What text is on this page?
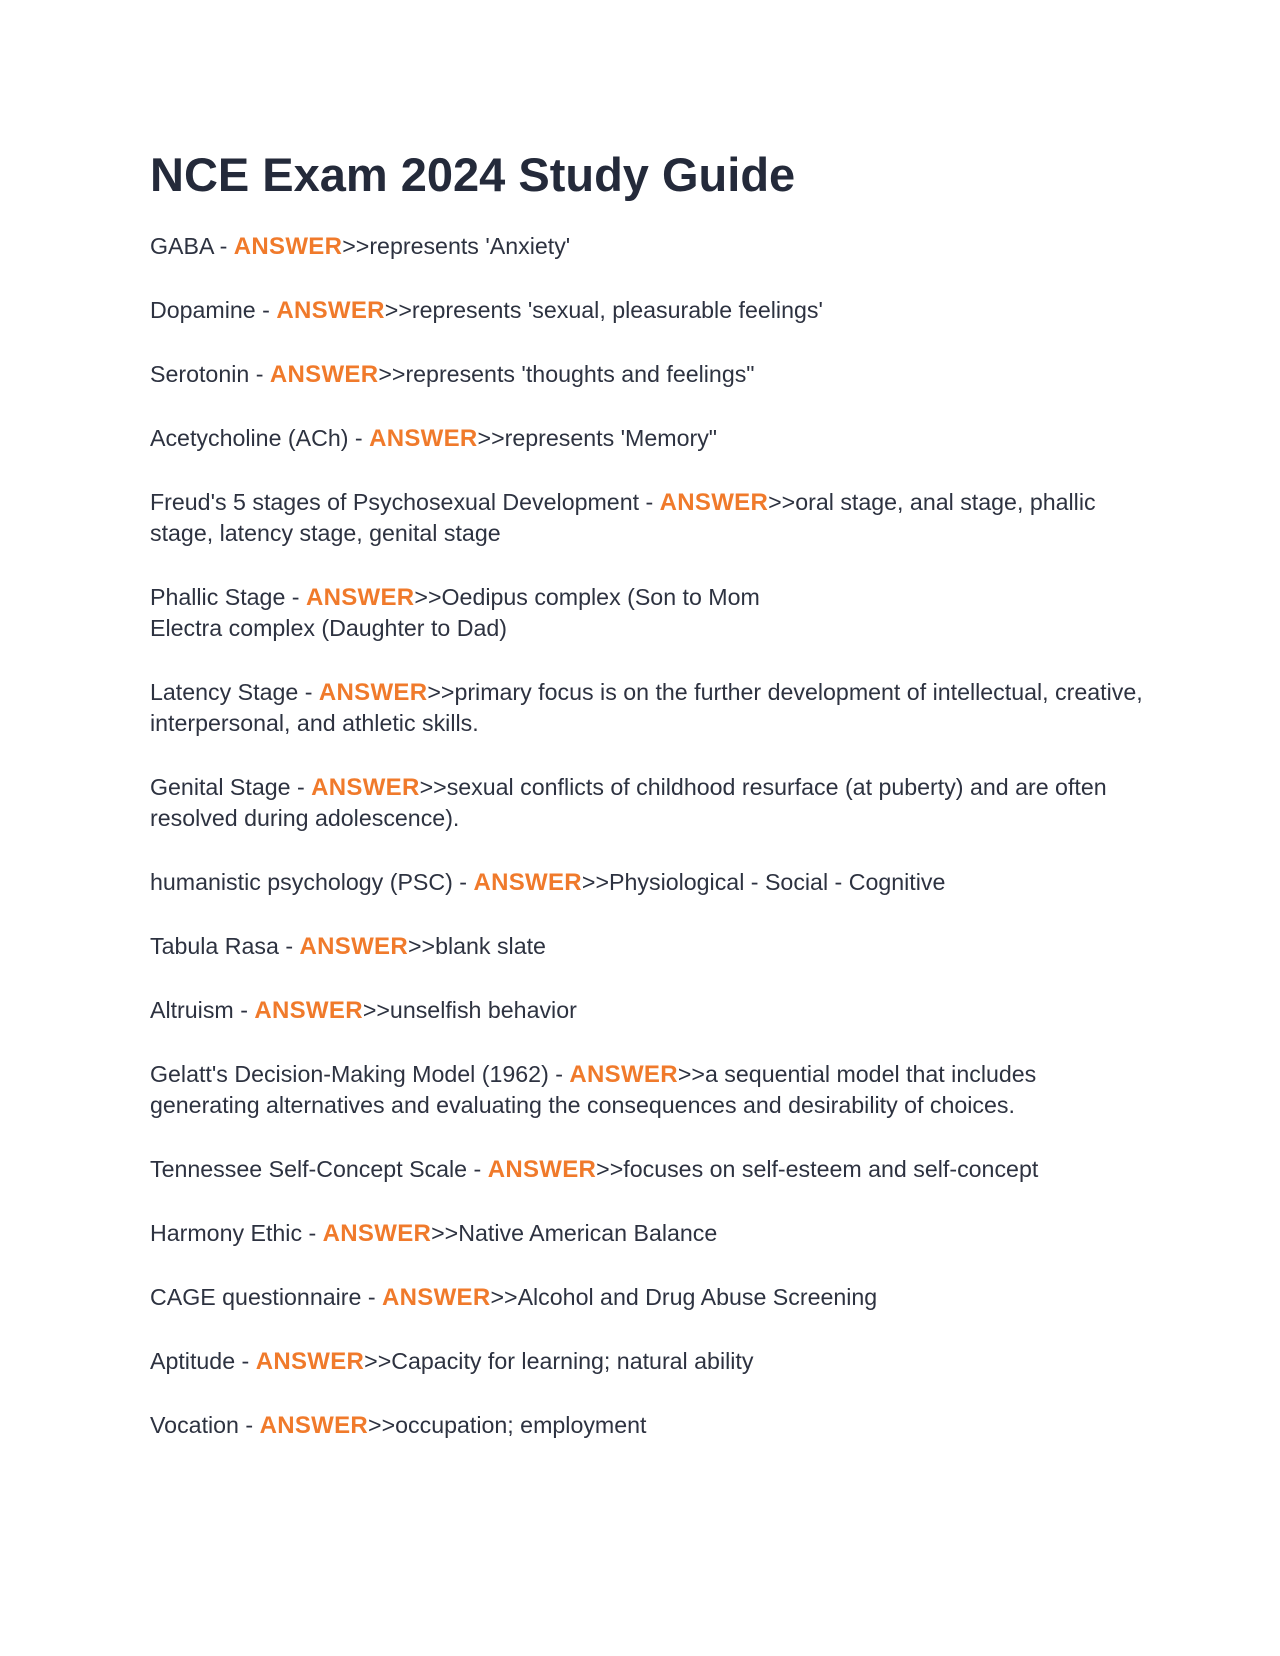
NCE Exam 2024 Study Guide

GABA - ANSWER>>represents 'Anxiety'

Dopamine - ANSWER>>represents 'sexual, pleasurable feelings'

Serotonin - ANSWER>>represents 'thoughts and feelings"

Acetycholine (ACh) - ANSWER>>represents 'Memory"

Freud's 5 stages of Psychosexual Development - ANSWER>>oral stage, anal stage, phallic stage, latency stage, genital stage

Phallic Stage - ANSWER>>Oedipus complex (Son to Mom

Electra complex (Daughter to Dad)

Latency Stage - ANSWER>>primary focus is on the further development of intellectual, creative, interpersonal, and athletic skills.

Genital Stage - ANSWER>>sexual conflicts of childhood resurface (at puberty) and are often resolved during adolescence).

humanistic psychology (PSC) - ANSWER>>Physiological - Social - Cognitive

Tabula Rasa - ANSWER>>blank slate

Altruism - ANSWER>>unselfish behavior

Gelatt's Decision-Making Model (1962) - ANSWER>>a sequential model that includes generating alternatives and evaluating the consequences and desirability of choices.

Tennessee Self-Concept Scale - ANSWER>>focuses on self-esteem and self-concept

Harmony Ethic - ANSWER>>Native American Balance

CAGE questionnaire - ANSWER>>Alcohol and Drug Abuse Screening

Aptitude - ANSWER>>Capacity for learning; natural ability

Vocation - ANSWER>>occupation; employment
